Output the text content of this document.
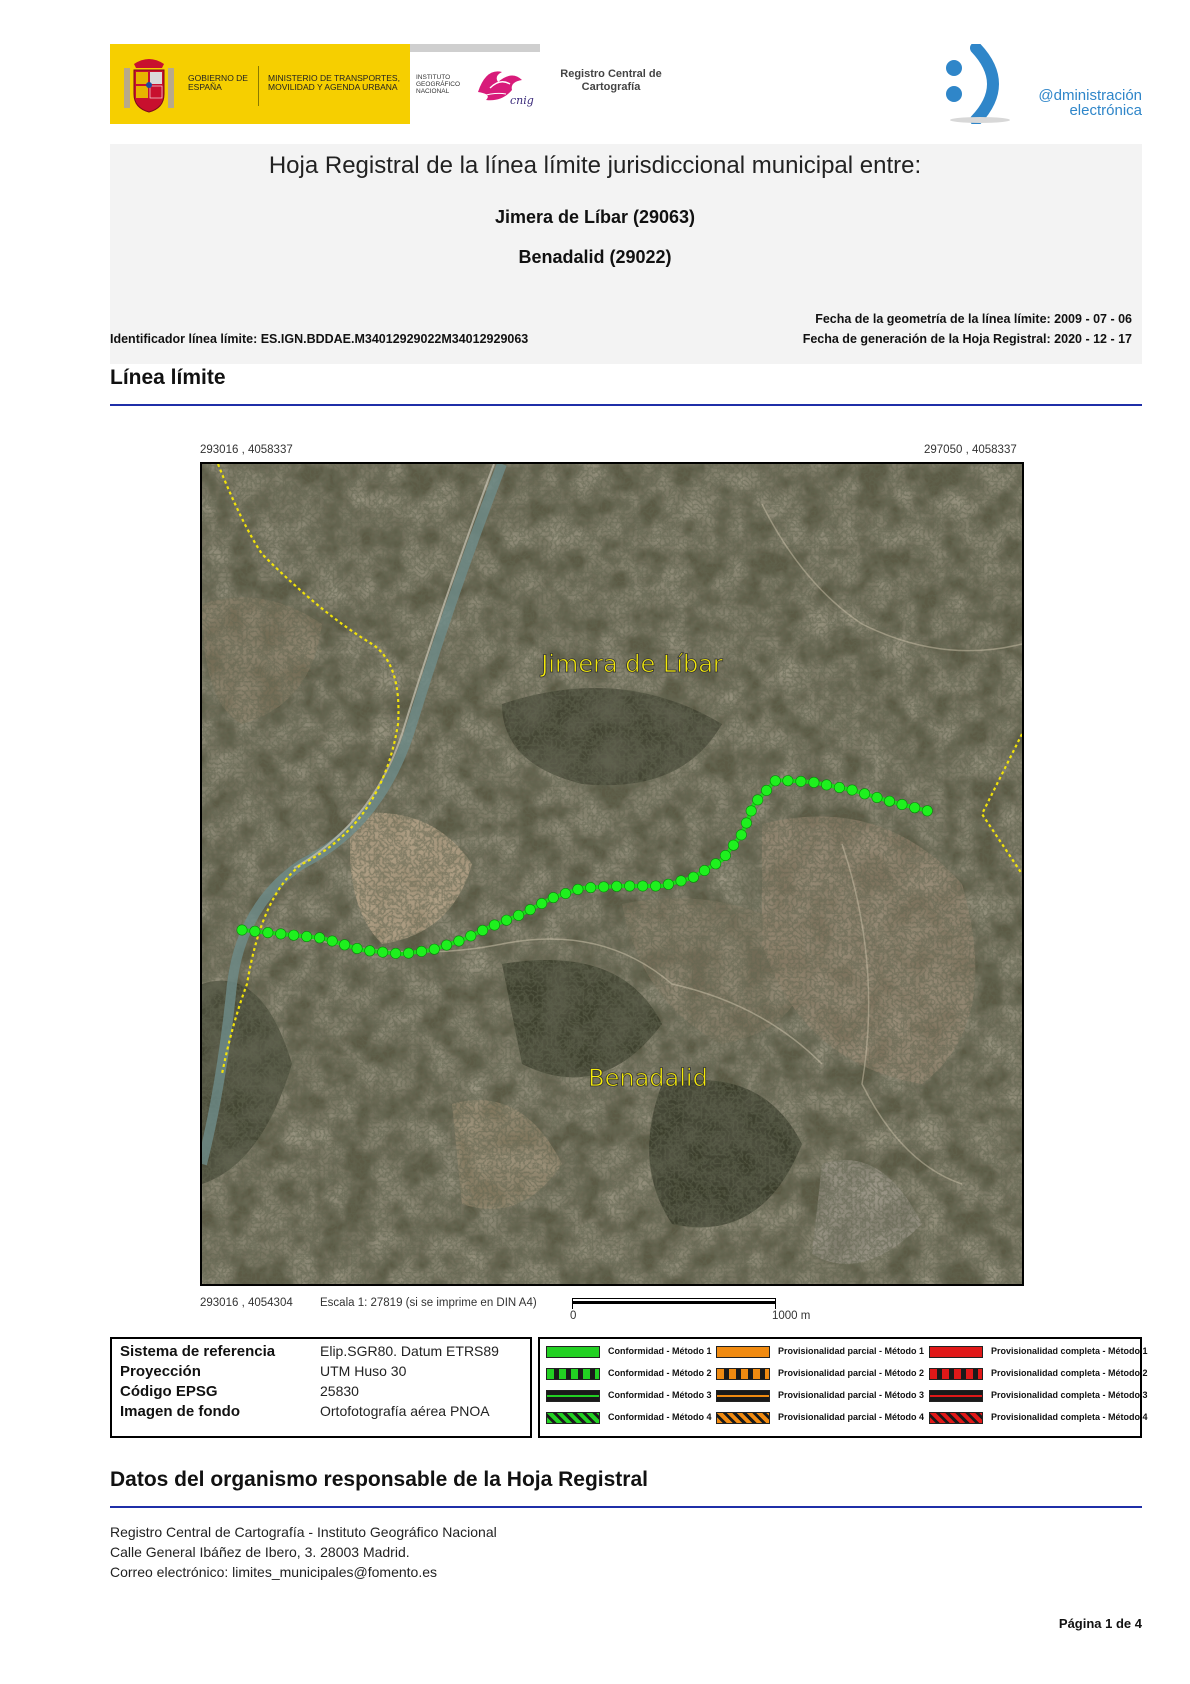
GOBIERNO DE ESPAÑA
MINISTERIO DE TRANSPORTES, MOVILIDAD Y AGENDA URBANA
INSTITUTO GEOGRÁFICO NACIONAL
cnig
Registro Central de Cartografía	@dministración electrónica
Hoja Registral de la línea límite jurisdiccional municipal entre:
Jimera de Líbar (29063)
Benadalid (29022)
Identificador línea límite: ES.IGN.BDDAE.M34012929022M34012929063
Fecha de la geometría de la línea límite: 2009 - 07 - 06
Fecha de generación de la Hoja Registral: 2020 - 12 - 17
Línea límite
293016 , 4058337	297050 , 4058337
Jimera de Líbar
Benadalid
293016 , 4054304 Escala 1: 27819 (si se imprime en DIN A4)
0	1000 m
Sistema de referencia	Elip.SGR80. Datum ETRS89
Proyección	UTM Huso 30
Código EPSG	25830
Imagen de fondo	Ortofotografía aérea PNOA
Conformidad - Método 1
Conformidad - Método 2
Conformidad - Método 3
Conformidad - Método 4
Provisionalidad parcial - Método 1
Provisionalidad parcial - Método 2
Provisionalidad parcial - Método 3
Provisionalidad parcial - Método 4
Provisionalidad completa - Método 1
Provisionalidad completa - Método 2
Provisionalidad completa - Método 3
Provisionalidad completa - Método 4
Datos del organismo responsable de la Hoja Registral
Registro Central de Cartografía - Instituto Geográfico Nacional
Calle General Ibáñez de Ibero, 3. 28003 Madrid.
Correo electrónico: limites_municipales@fomento.es
Página 1 de 4
